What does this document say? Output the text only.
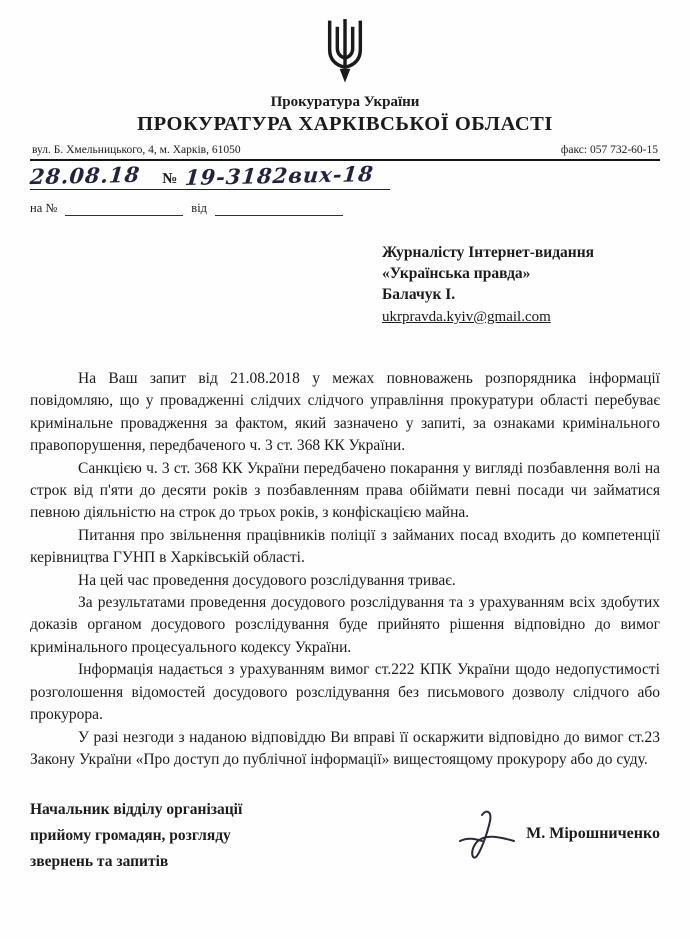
Прокуратура України
ПРОКУРАТУРА ХАРКІВСЬКОЇ ОБЛАСТІ
вул. Б. Хмельницького, 4, м. Харків, 61050	факс: 057 732-60-15
28.08.18 № 19-3182вих-18
на №	від
Журналісту Інтернет-видання
«Українська правда»
Балачук І.
ukrpravda.kyiv@gmail.com

На Ваш запит від 21.08.2018 у межах повноважень розпорядника інформації повідомляю, що у провадженні слідчих слідчого управління прокуратури області перебуває кримінальне провадження за фактом, який зазначено у запиті, за ознаками кримінального правопорушення, передбаченого ч. 3 ст. 368 КК України.

Санкцією ч. 3 ст. 368 КК України передбачено покарання у вигляді позбавлення волі на строк від п'яти до десяти років з позбавленням права обіймати певні посади чи займатися певною діяльністю на строк до трьох років, з конфіскацією майна.

Питання про звільнення працівників поліції з займаних посад входить до компетенції керівництва ГУНП в Харківській області.

На цей час проведення досудового розслідування триває.

За результатами проведення досудового розслідування та з урахуванням всіх здобутих доказів органом досудового розслідування буде прийнято рішення відповідно до вимог кримінального процесуального кодексу України.

Інформація надається з урахуванням вимог ст.222 КПК України щодо недопустимості розголошення відомостей досудового розслідування без письмового дозволу слідчого або прокурора.

У разі незгоди з наданою відповіддю Ви вправі її оскаржити відповідно до вимог ст.23 Закону України «Про доступ до публічної інформації» вищестоящому прокурору або до суду.

Начальник відділу організації
прийому громадян, розгляду
звернень та запитів
М. Мірошниченко
